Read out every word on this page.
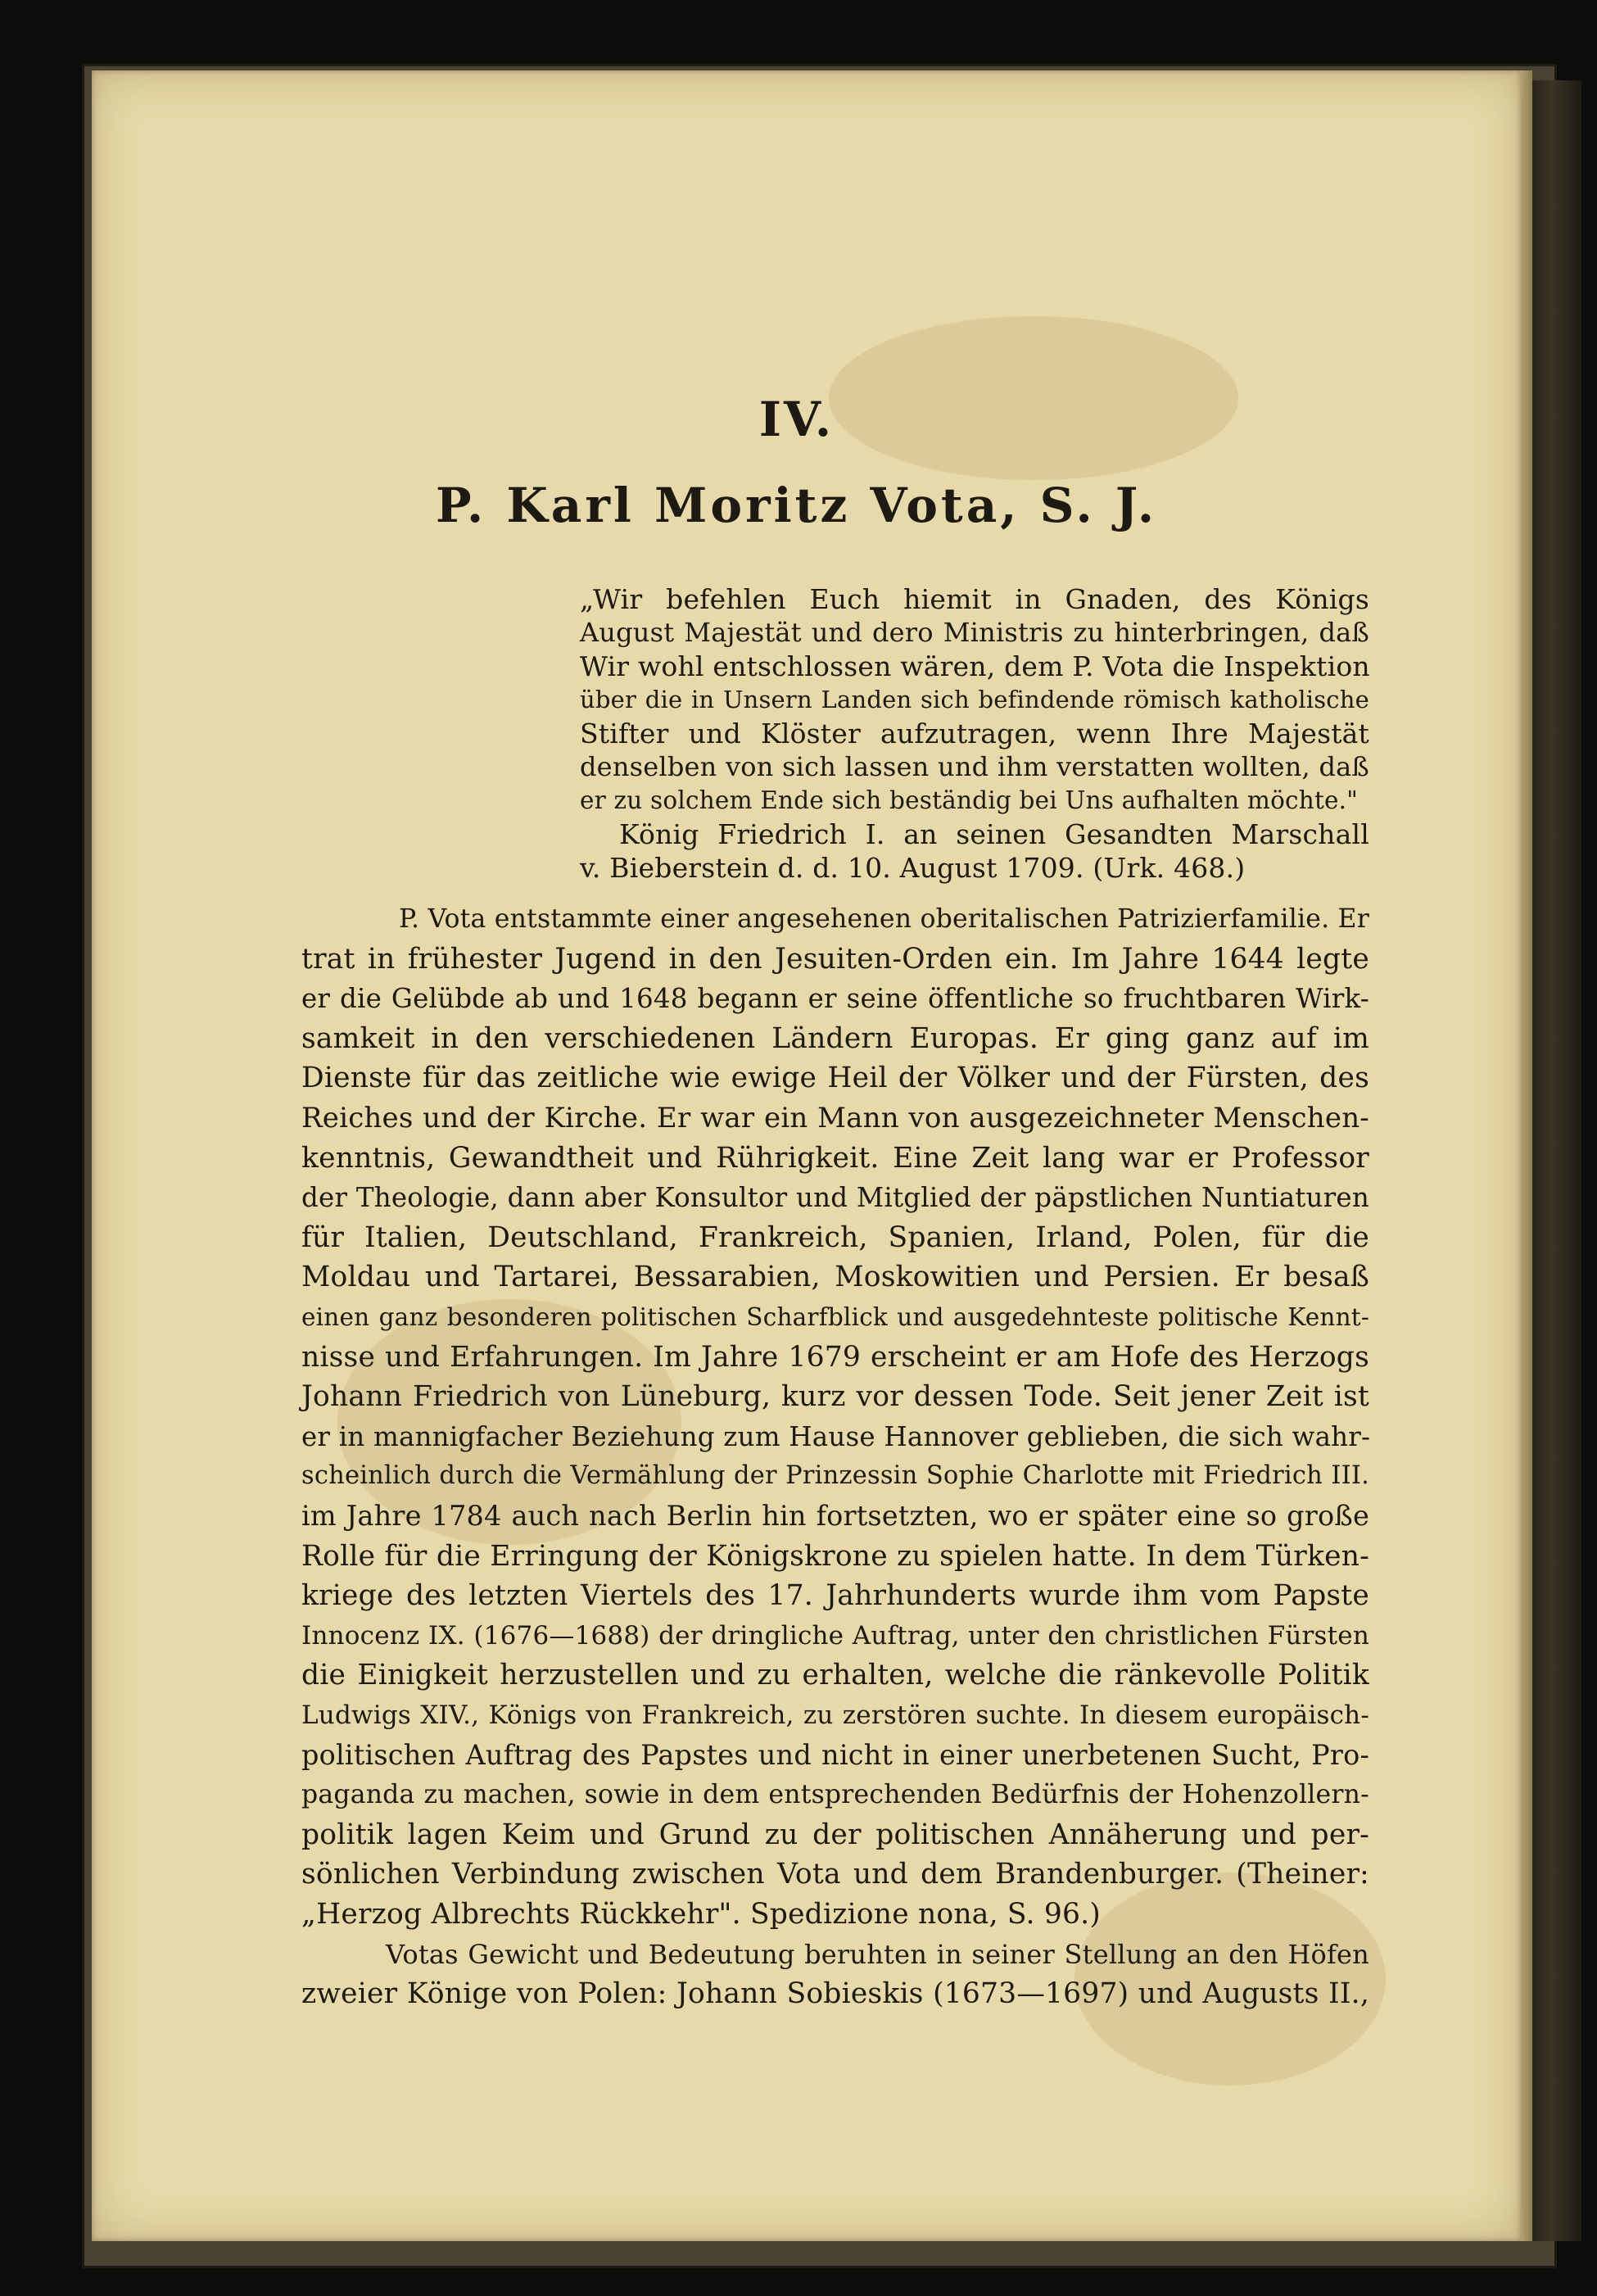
IV.
P. Karl Moritz Vota, S. J.
„Wir befehlen Euch hiemit in Gnaden, des Königs
August Majestät und dero Ministris zu hinterbringen, daß
Wir wohl entschlossen wären, dem P. Vota die Inspektion
über die in Unsern Landen sich befindende römisch katholische
Stifter und Klöster aufzutragen, wenn Ihre Majestät
denselben von sich lassen und ihm verstatten wollten, daß
er zu solchem Ende sich beständig bei Uns aufhalten möchte."
König Friedrich I. an seinen Gesandten Marschall
v. Bieberstein d. d. 10. August 1709. (Urk. 468.)
P. Vota entstammte einer angesehenen oberitalischen Patrizierfamilie. Er
trat in frühester Jugend in den Jesuiten-Orden ein. Im Jahre 1644 legte
er die Gelübde ab und 1648 begann er seine öffentliche so fruchtbaren Wirk-
samkeit in den verschiedenen Ländern Europas. Er ging ganz auf im
Dienste für das zeitliche wie ewige Heil der Völker und der Fürsten, des
Reiches und der Kirche. Er war ein Mann von ausgezeichneter Menschen-
kenntnis, Gewandtheit und Rührigkeit. Eine Zeit lang war er Professor
der Theologie, dann aber Konsultor und Mitglied der päpstlichen Nuntiaturen
für Italien, Deutschland, Frankreich, Spanien, Irland, Polen, für die
Moldau und Tartarei, Bessarabien, Moskowitien und Persien. Er besaß
einen ganz besonderen politischen Scharfblick und ausgedehnteste politische Kennt-
nisse und Erfahrungen. Im Jahre 1679 erscheint er am Hofe des Herzogs
Johann Friedrich von Lüneburg, kurz vor dessen Tode. Seit jener Zeit ist
er in mannigfacher Beziehung zum Hause Hannover geblieben, die sich wahr-
scheinlich durch die Vermählung der Prinzessin Sophie Charlotte mit Friedrich III.
im Jahre 1784 auch nach Berlin hin fortsetzten, wo er später eine so große
Rolle für die Erringung der Königskrone zu spielen hatte. In dem Türken-
kriege des letzten Viertels des 17. Jahrhunderts wurde ihm vom Papste
Innocenz IX. (1676—1688) der dringliche Auftrag, unter den christlichen Fürsten
die Einigkeit herzustellen und zu erhalten, welche die ränkevolle Politik
Ludwigs XIV., Königs von Frankreich, zu zerstören suchte. In diesem europäisch-
politischen Auftrag des Papstes und nicht in einer unerbetenen Sucht, Pro-
paganda zu machen, sowie in dem entsprechenden Bedürfnis der Hohenzollern-
politik lagen Keim und Grund zu der politischen Annäherung und per-
sönlichen Verbindung zwischen Vota und dem Brandenburger. (Theiner:
„Herzog Albrechts Rückkehr". Spedizione nona, S. 96.)
Votas Gewicht und Bedeutung beruhten in seiner Stellung an den Höfen
zweier Könige von Polen: Johann Sobieskis (1673—1697) und Augusts II.,
